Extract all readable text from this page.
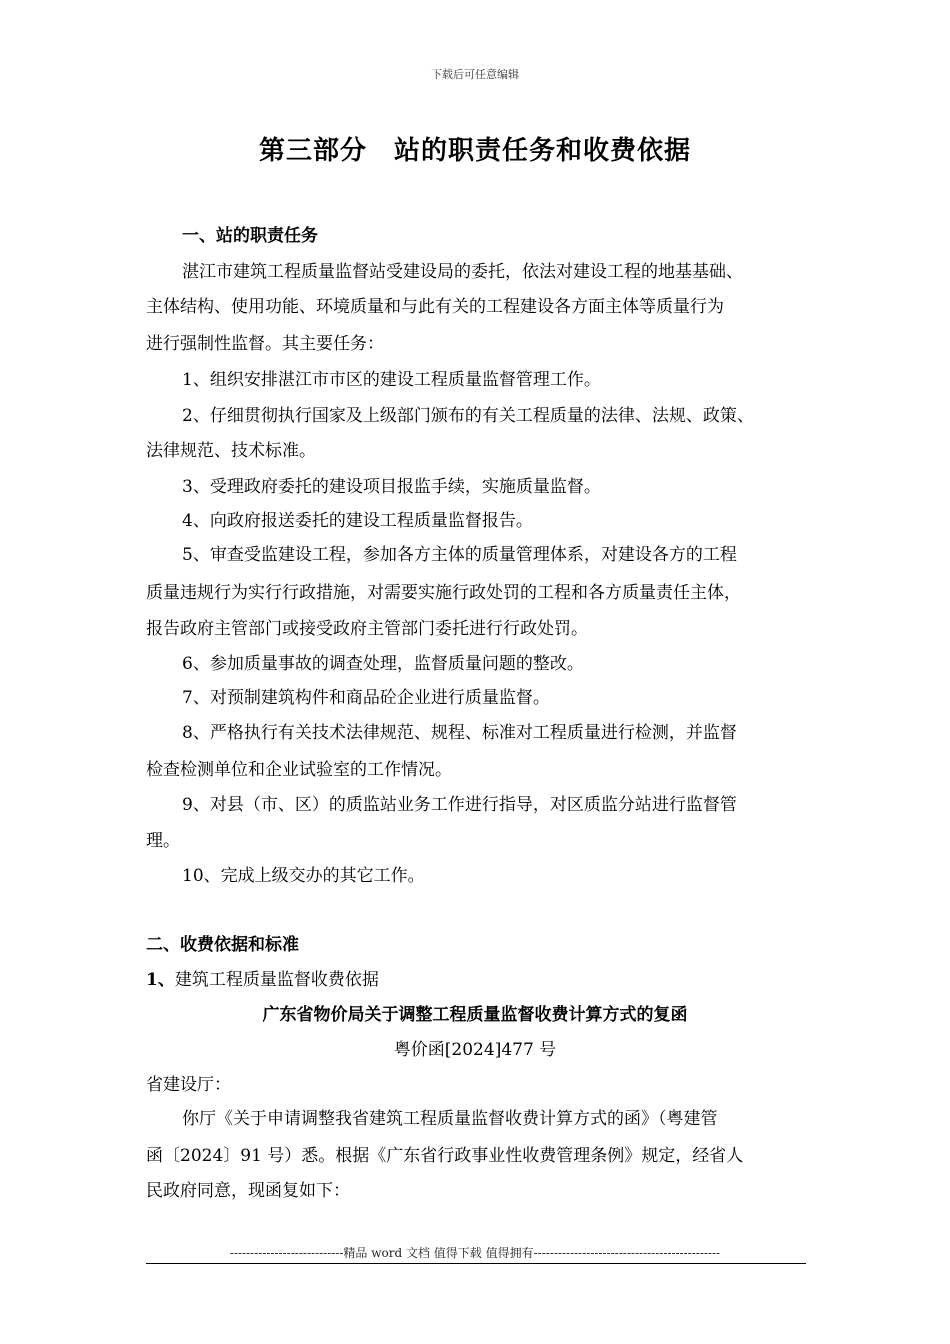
下载后可任意编辑
第三部分　站的职责任务和收费依据
一、站的职责任务
湛江市建筑工程质量监督站受建设局的委托，依法对建设工程的地基基础、
主体结构、使用功能、环境质量和与此有关的工程建设各方面主体等质量行为
进行强制性监督。其主要任务：
1、组织安排湛江市市区的建设工程质量监督管理工作。
2、仔细贯彻执行国家及上级部门颁布的有关工程质量的法律、法规、政策、
法律规范、技术标准。
3、受理政府委托的建设项目报监手续，实施质量监督。
4、向政府报送委托的建设工程质量监督报告。
5、审查受监建设工程，参加各方主体的质量管理体系，对建设各方的工程
质量违规行为实行行政措施，对需要实施行政处罚的工程和各方质量责任主体，
报告政府主管部门或接受政府主管部门委托进行行政处罚。
6、参加质量事故的调查处理，监督质量问题的整改。
7、对预制建筑构件和商品砼企业进行质量监督。
8、严格执行有关技术法律规范、规程、标准对工程质量进行检测，并监督
检查检测单位和企业试验室的工作情况。
9、对县（市、区）的质监站业务工作进行指导，对区质监分站进行监督管
理。
10、完成上级交办的其它工作。
二、收费依据和标准
1、建筑工程质量监督收费依据
广东省物价局关于调整工程质量监督收费计算方式的复函
粤价函[2024]477 号
省建设厅：
你厅《关于申请调整我省建筑工程质量监督收费计算方式的函》（粤建管
函〔2024〕91 号）悉。根据《广东省行政事业性收费管理条例》规定，经省人
民政府同意，现函复如下：
----------------------------精品 word 文档 值得下载 值得拥有----------------------------------------------
